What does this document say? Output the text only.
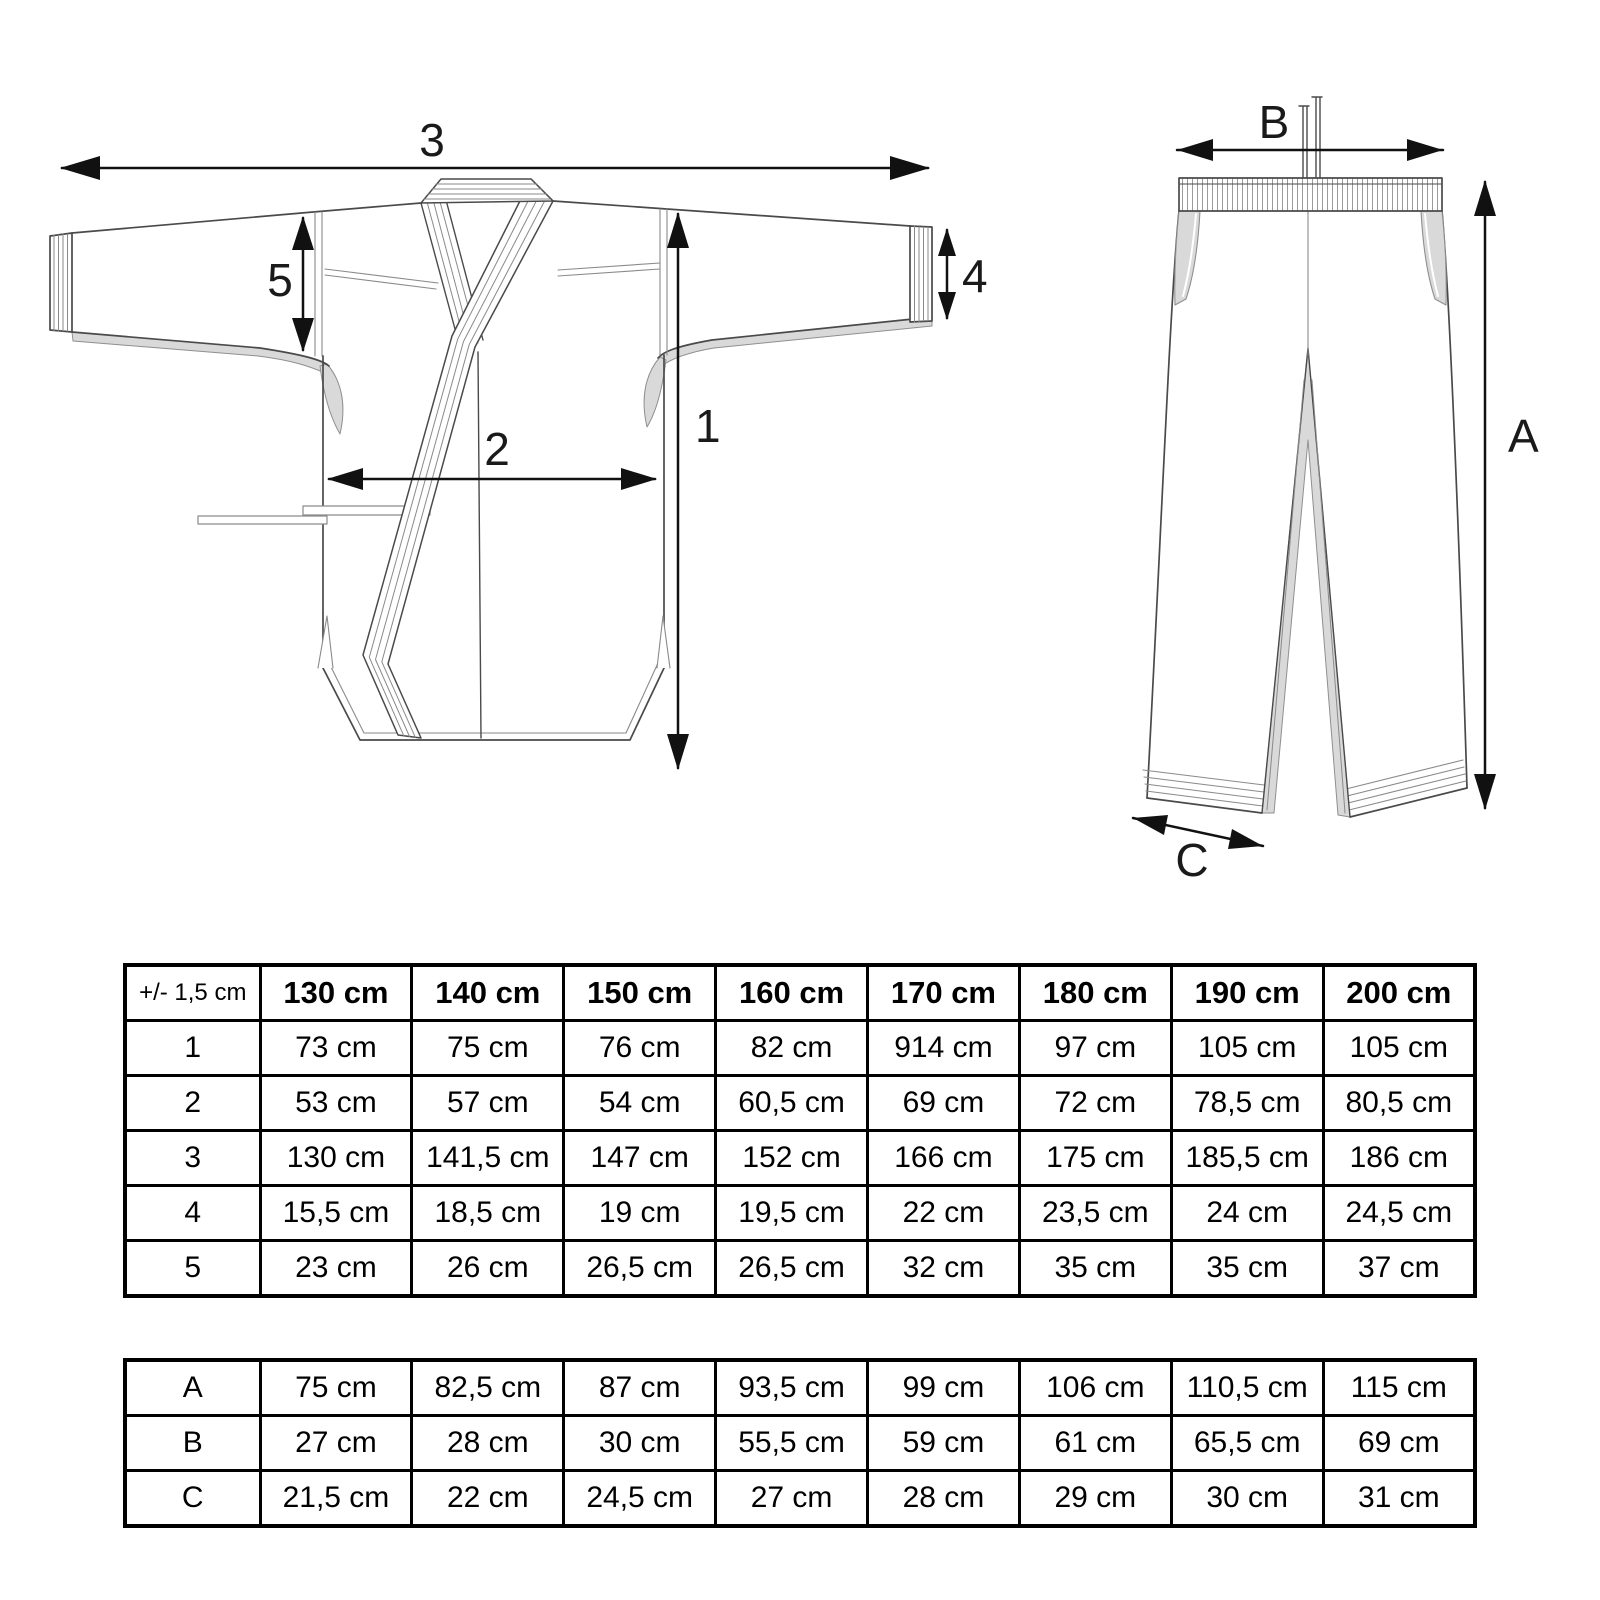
3
5
1
2
4
B
A
C
+/- 1,5 cm	130 cm	140 cm	150 cm	160 cm	170 cm	180 cm	190 cm	200 cm
1	73 cm	75 cm	76 cm	82 cm	914 cm	97 cm	105 cm	105 cm
2	53 cm	57 cm	54 cm	60,5 cm	69 cm	72 cm	78,5 cm	80,5 cm
3	130 cm	141,5 cm	147 cm	152 cm	166 cm	175 cm	185,5 cm	186 cm
4	15,5 cm	18,5 cm	19 cm	19,5 cm	22 cm	23,5 cm	24 cm	24,5 cm
5	23 cm	26 cm	26,5 cm	26,5 cm	32 cm	35 cm	35 cm	37 cm
A	75 cm	82,5 cm	87 cm	93,5 cm	99 cm	106 cm	110,5 cm	115 cm
B	27 cm	28 cm	30 cm	55,5 cm	59 cm	61 cm	65,5 cm	69 cm
C	21,5 cm	22 cm	24,5 cm	27 cm	28 cm	29 cm	30 cm	31 cm
